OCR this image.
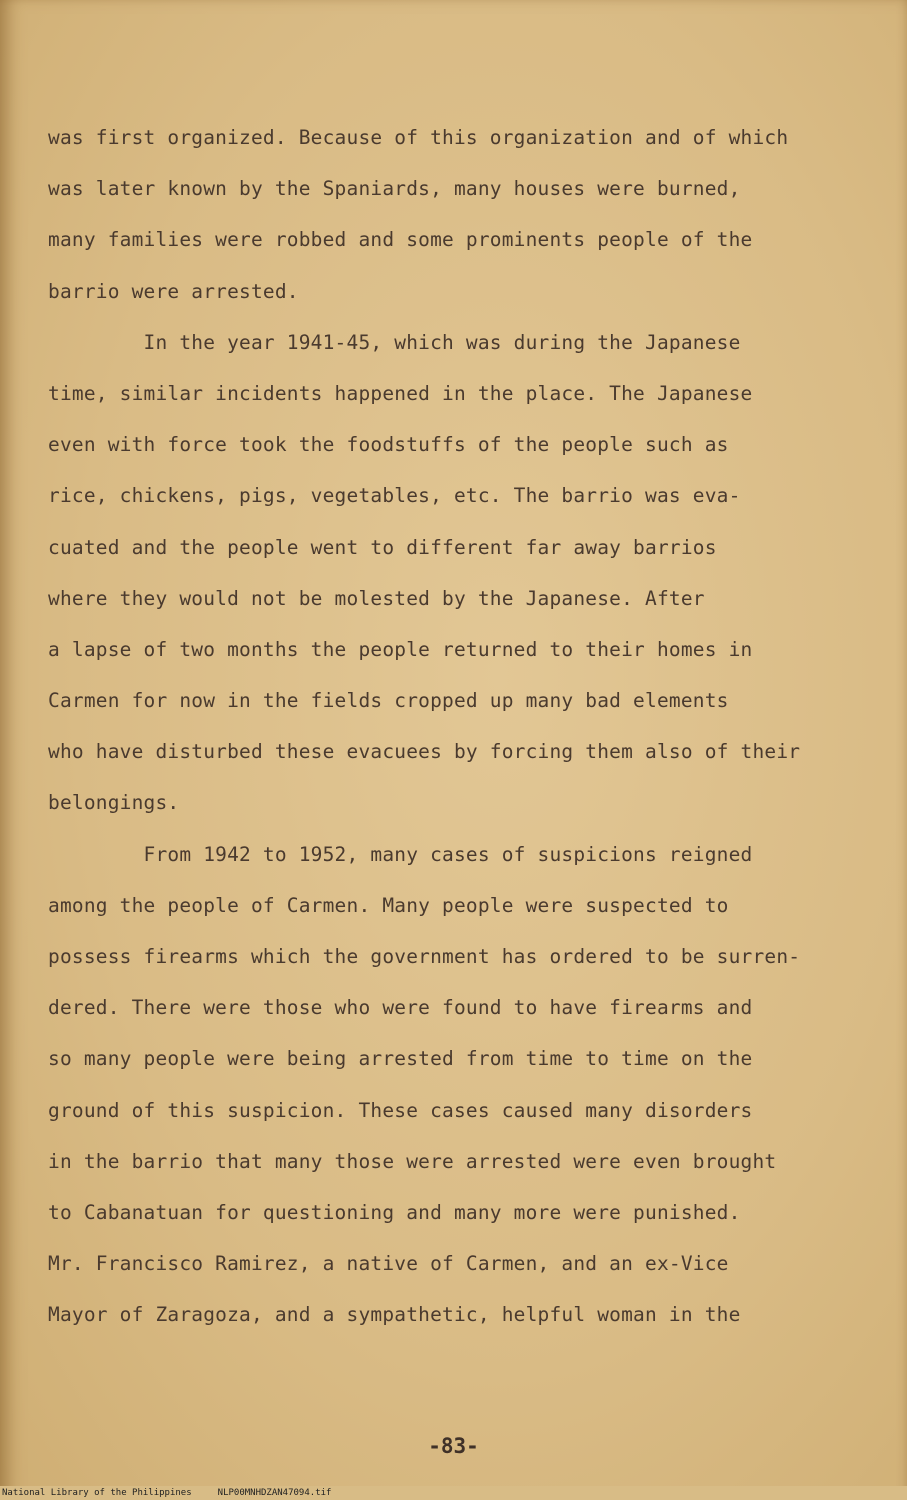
was first organized. Because of this organization and of which
was later known by the Spaniards, many houses were burned,
many families were robbed and some prominents people of the
barrio were arrested.
In the year 1941-45, which was during the Japanese
time, similar incidents happened in the place. The Japanese
even with force took the foodstuffs of the people such as
rice, chickens, pigs, vegetables, etc. The barrio was eva-
cuated and the people went to different far away barrios
where they would not be molested by the Japanese. After
a lapse of two months the people returned to their homes in
Carmen for now in the fields cropped up many bad elements
who have disturbed these evacuees by forcing them also of their
belongings.
From 1942 to 1952, many cases of suspicions reigned
among the people of Carmen. Many people were suspected to
possess firearms which the government has ordered to be surren-
dered. There were those who were found to have firearms and
so many people were being arrested from time to time on the
ground of this suspicion. These cases caused many disorders
in the barrio that many those were arrested were even brought
to Cabanatuan for questioning and many more were punished.
Mr. Francisco Ramirez, a native of Carmen, and an ex-Vice
Mayor of Zaragoza, and a sympathetic, helpful woman in the
-83-
National Library of the Philippines	NLP00MNHDZAN47094.tif
